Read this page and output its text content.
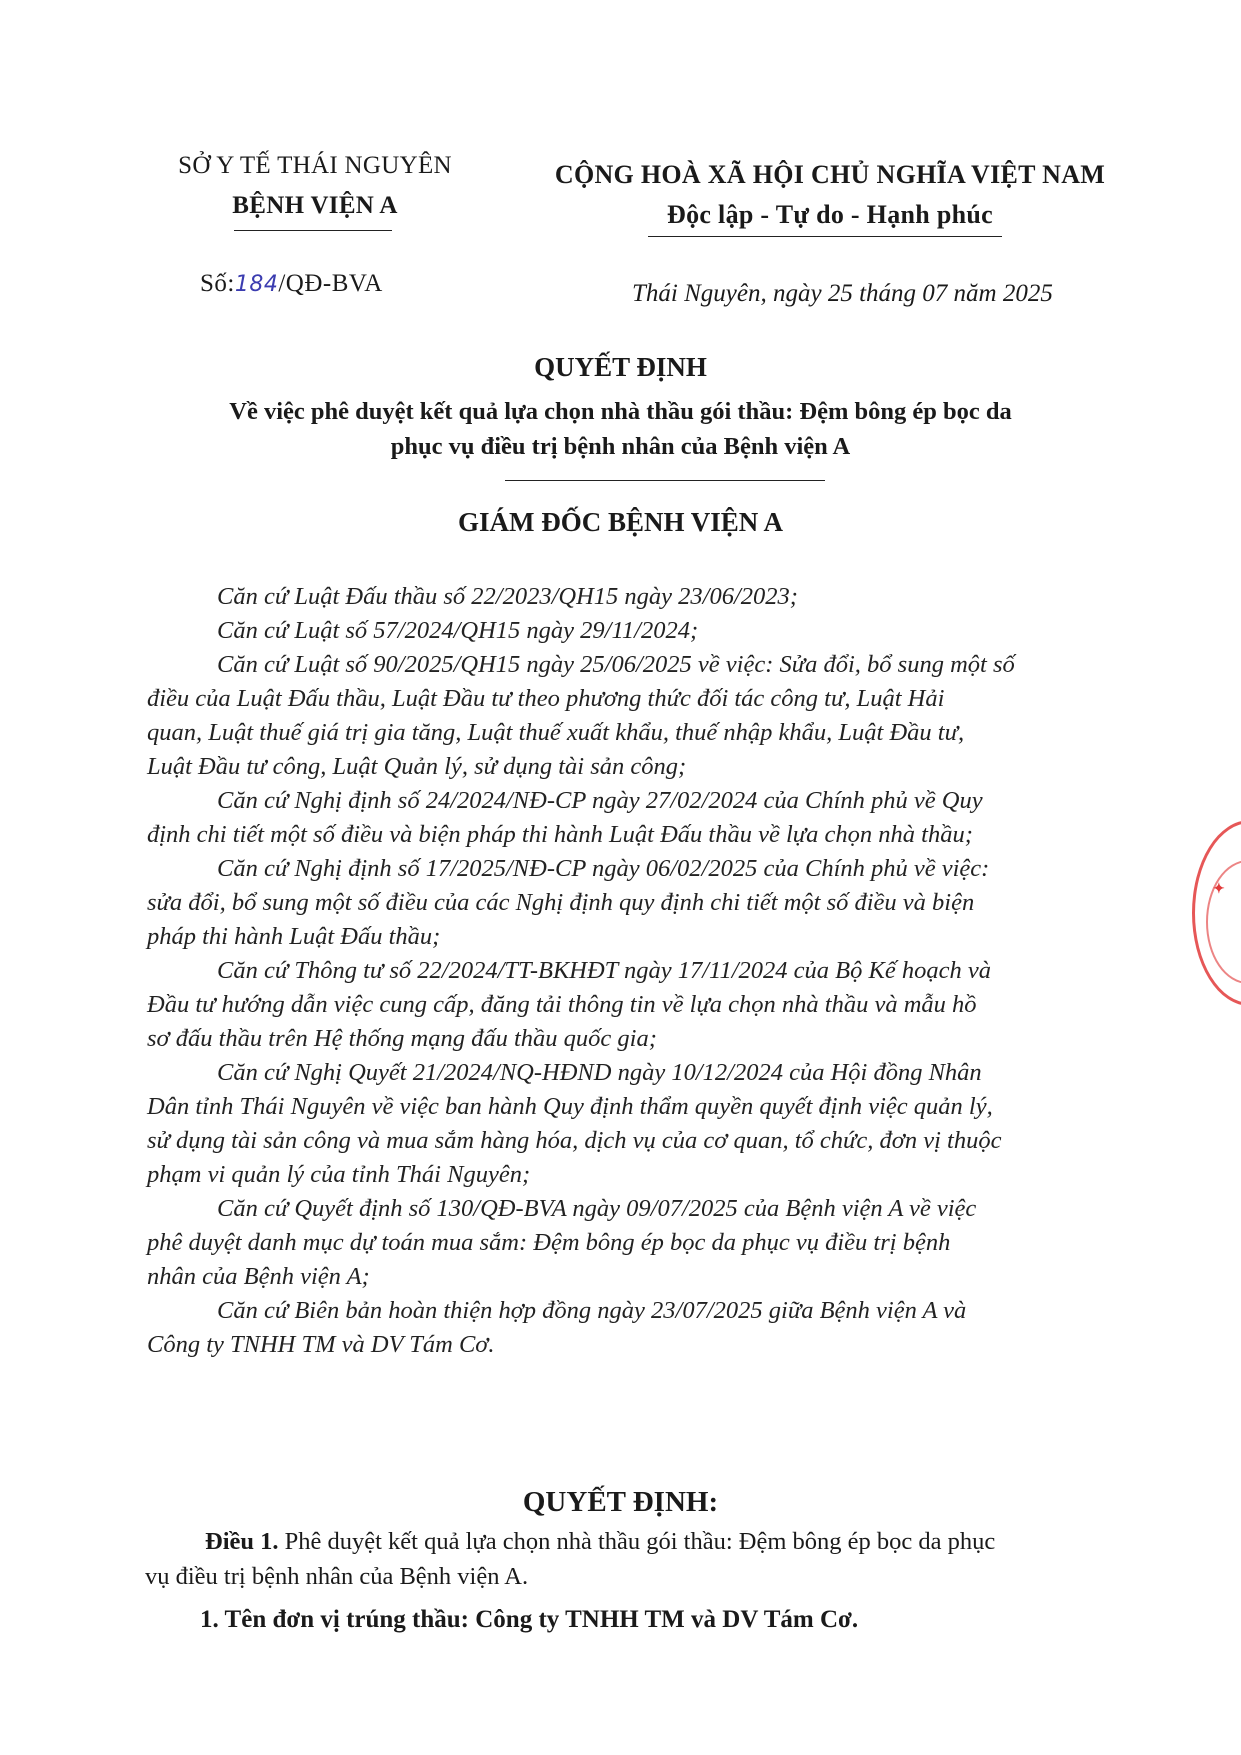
SỞ Y TẾ THÁI NGUYÊN
BỆNH VIỆN A
CỘNG HOÀ XÃ HỘI CHỦ NGHĨA VIỆT NAM
Độc lập - Tự do - Hạnh phúc
Số:184/QĐ-BVA	Thái Nguyên, ngày 25 tháng 07 năm 2025
QUYẾT ĐỊNH
Về việc phê duyệt kết quả lựa chọn nhà thầu gói thầu: Đệm bông ép bọc da
phục vụ điều trị bệnh nhân của Bệnh viện A
GIÁM ĐỐC BỆNH VIỆN A

Căn cứ Luật Đấu thầu số 22/2023/QH15 ngày 23/06/2023;

Căn cứ Luật số 57/2024/QH15 ngày 29/11/2024;

Căn cứ Luật số 90/2025/QH15 ngày 25/06/2025 về việc: Sửa đổi, bổ sung một số
điều của Luật Đấu thầu, Luật Đầu tư theo phương thức đối tác công tư, Luật Hải
quan, Luật thuế giá trị gia tăng, Luật thuế xuất khẩu, thuế nhập khẩu, Luật Đầu tư,
Luật Đầu tư công, Luật Quản lý, sử dụng tài sản công;

Căn cứ Nghị định số 24/2024/NĐ-CP ngày 27/02/2024 của Chính phủ về Quy
định chi tiết một số điều và biện pháp thi hành Luật Đấu thầu về lựa chọn nhà thầu;

Căn cứ Nghị định số 17/2025/NĐ-CP ngày 06/02/2025 của Chính phủ về việc:
sửa đổi, bổ sung một số điều của các Nghị định quy định chi tiết một số điều và biện
pháp thi hành Luật Đấu thầu;

Căn cứ Thông tư số 22/2024/TT-BKHĐT ngày 17/11/2024 của Bộ Kế hoạch và
Đầu tư hướng dẫn việc cung cấp, đăng tải thông tin về lựa chọn nhà thầu và mẫu hồ
sơ đấu thầu trên Hệ thống mạng đấu thầu quốc gia;

Căn cứ Nghị Quyết 21/2024/NQ-HĐND ngày 10/12/2024 của Hội đồng Nhân
Dân tỉnh Thái Nguyên về việc ban hành Quy định thẩm quyền quyết định việc quản lý,
sử dụng tài sản công và mua sắm hàng hóa, dịch vụ của cơ quan, tổ chức, đơn vị thuộc
phạm vi quản lý của tỉnh Thái Nguyên;

Căn cứ Quyết định số 130/QĐ-BVA ngày 09/07/2025 của Bệnh viện A về việc
phê duyệt danh mục dự toán mua sắm: Đệm bông ép bọc da phục vụ điều trị bệnh
nhân của Bệnh viện A;

Căn cứ Biên bản hoàn thiện hợp đồng ngày 23/07/2025 giữa Bệnh viện A và
Công ty TNHH TM và DV Tám Cơ.

QUYẾT ĐỊNH:
Điều 1. Phê duyệt kết quả lựa chọn nhà thầu gói thầu: Đệm bông ép bọc da phục
vụ điều trị bệnh nhân của Bệnh viện A.
1. Tên đơn vị trúng thầu: Công ty TNHH TM và DV Tám Cơ.
✦
